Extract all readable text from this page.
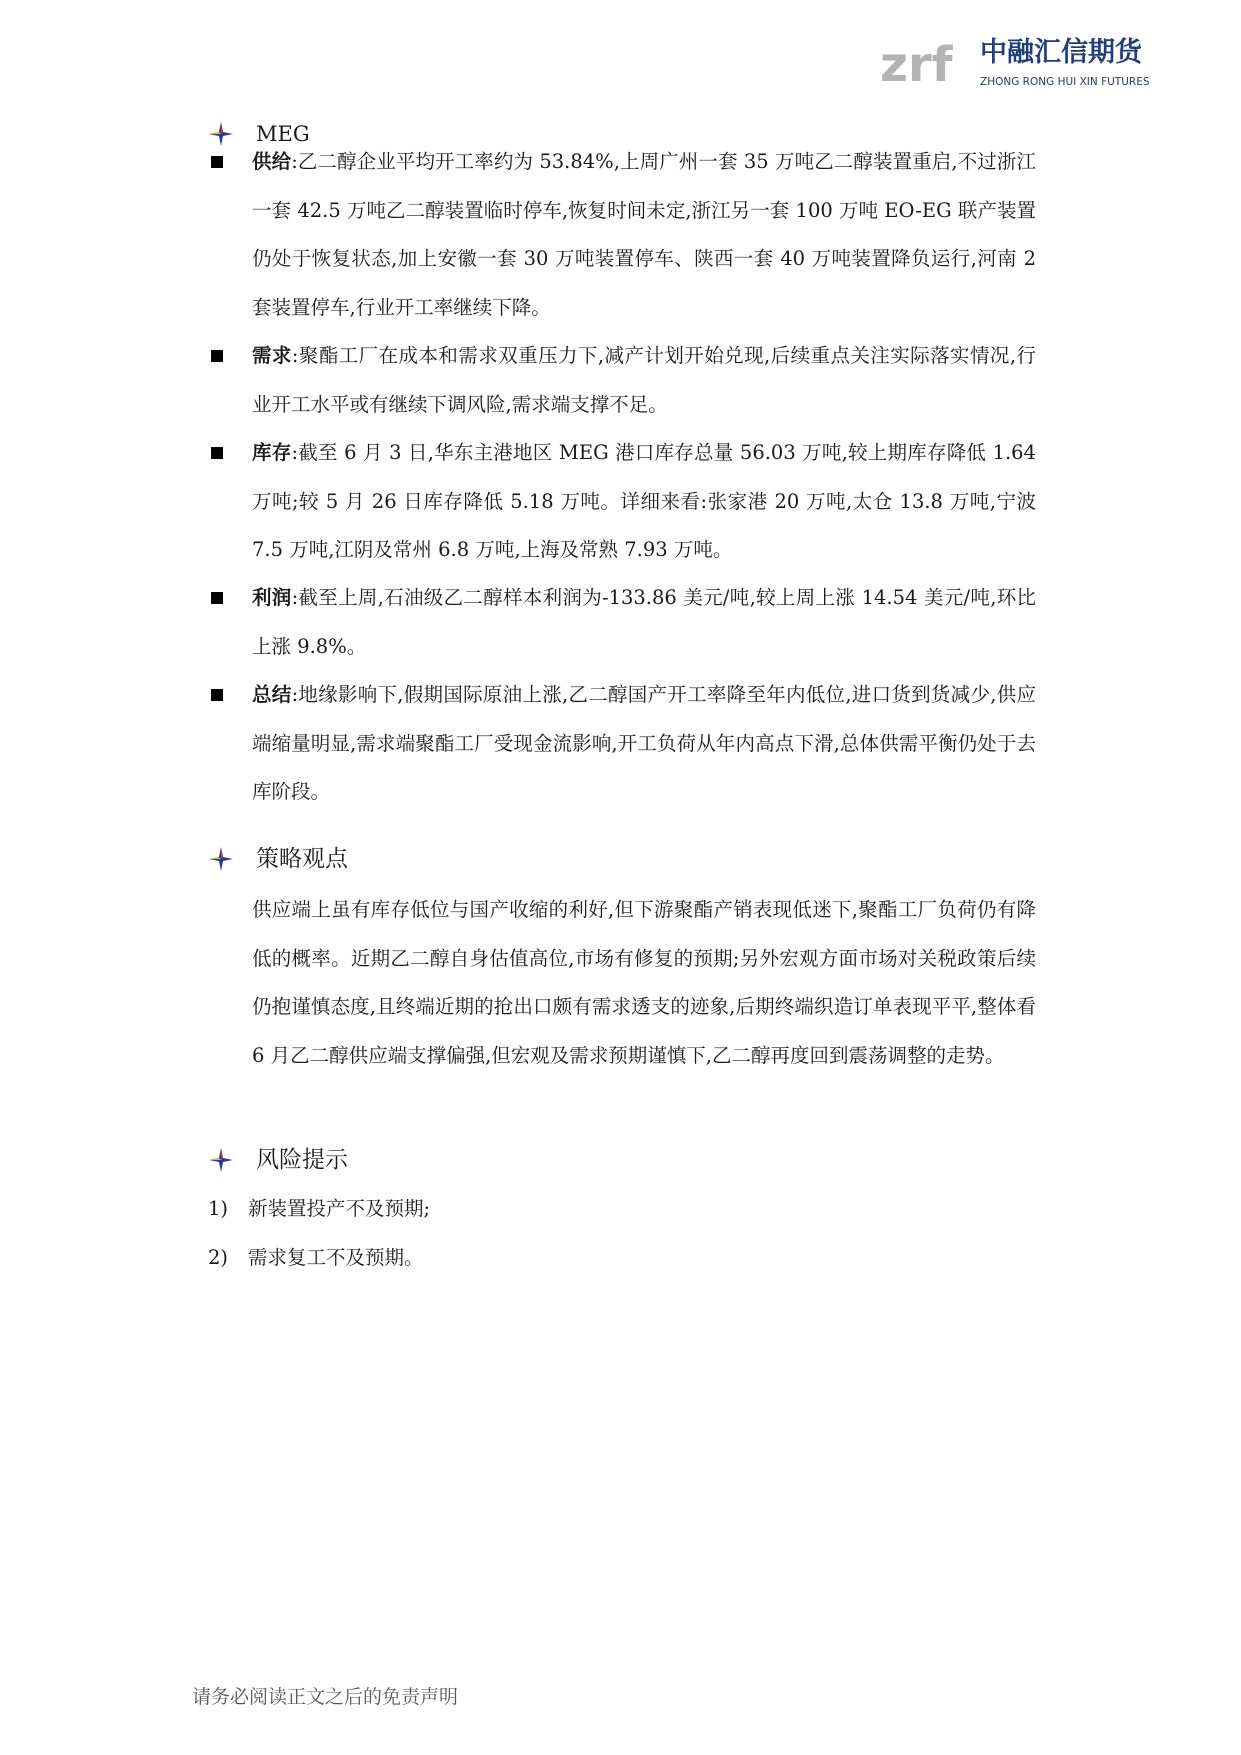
zrf 中融汇信期货
ZHONG RONG HUI XIN FUTURES
MEG
供给:乙二醇企业平均开工率约为 53.84%,上周广州一套 35 万吨乙二醇装置重启,不过浙江一套 42.5 万吨乙二醇装置临时停车,恢复时间未定,浙江另一套 100 万吨 EO-EG 联产装置仍处于恢复状态,加上安徽一套 30 万吨装置停车、陕西一套 40 万吨装置降负运行,河南 2 套装置停车,行业开工率继续下降。
需求:聚酯工厂在成本和需求双重压力下,减产计划开始兑现,后续重点关注实际落实情况,行业开工水平或有继续下调风险,需求端支撑不足。
库存:截至 6 月 3 日,华东主港地区 MEG 港口库存总量 56.03 万吨,较上期库存降低 1.64 万吨;较 5 月 26 日库存降低 5.18 万吨。详细来看:张家港 20 万吨,太仓 13.8 万吨,宁波 7.5 万吨,江阴及常州 6.8 万吨,上海及常熟 7.93 万吨。
利润:截至上周,石油级乙二醇样本利润为-133.86 美元/吨,较上周上涨 14.54 美元/吨,环比上涨 9.8%。
总结:地缘影响下,假期国际原油上涨,乙二醇国产开工率降至年内低位,进口货到货减少,供应端缩量明显,需求端聚酯工厂受现金流影响,开工负荷从年内高点下滑,总体供需平衡仍处于去库阶段。
策略观点
供应端上虽有库存低位与国产收缩的利好,但下游聚酯产销表现低迷下,聚酯工厂负荷仍有降低的概率。近期乙二醇自身估值高位,市场有修复的预期;另外宏观方面市场对关税政策后续仍抱谨慎态度,且终端近期的抢出口颇有需求透支的迹象,后期终端织造订单表现平平,整体看 6 月乙二醇供应端支撑偏强,但宏观及需求预期谨慎下,乙二醇再度回到震荡调整的走势。
风险提示
1) 新装置投产不及预期;
2) 需求复工不及预期。
请务必阅读正文之后的免责声明
